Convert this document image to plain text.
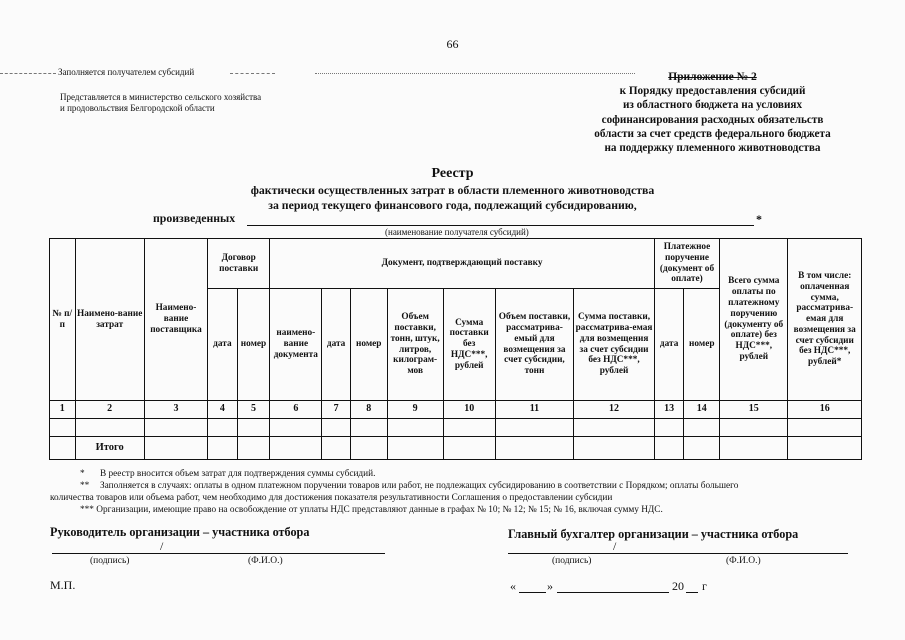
66
Заполняется получателем субсидий
Представляется в министерство сельского хозяйства
и продовольствия Белгородской области
Приложение № 2
к Порядку предоставления субсидий
из областного бюджета на условиях
софинансирования расходных обязательств
области за счет средств федерального бюджета
на поддержку племенного животноводства
Реестр
фактически осуществленных затрат в области племенного животноводства
за период текущего финансового года, подлежащий субсидированию,
произведенных	*
(наименование получателя субсидий)
№ п/п	Наимено-вание затрат	Наимено-вание поставщика	Договор поставки		Документ, подтверждающий поставку							Платежное поручение (документ об оплате)		Всего сумма оплаты по платежному поручению (документу об оплате) без НДС***, рублей	В том числе: оплаченная сумма, рассматрива-емая для возмещения за счет субсидии без НДС***, рублей*
			дата	номер	наимено-вание документа	дата	номер	Объем поставки, тонн, штук, литров, килограм-мов	Сумма поставки без НДС***, рублей	Объем поставки, рассматрива-емый для возмещения за счет субсидии, тонн	Сумма поставки, рассматрива-емая для возмещения за счет субсидии без НДС***, рублей	дата	номер		
1	2	3	4	5	6	7	8	9	10	11	12	13	14	15	16

	Итого														
* В реестр вносится объем затрат для подтверждения суммы субсидий.
** Заполняется в случаях: оплаты в одном платежном поручении товаров или работ, не подлежащих субсидированию в соответствии с Порядком; оплаты большего
количества товаров или объема работ, чем необходимо для достижения показателя результативности Соглашения о предоставлении субсидии
*** Организации, имеющие право на освобождение от уплаты НДС представляют данные в графах № 10; № 12; № 15; № 16, включая сумму НДС.
Руководитель организации – участника отбора
/
(подпись)	(Ф.И.О.)
М.П.
Главный бухгалтер организации – участника отбора
/
(подпись)	(Ф.И.О.)
«	»	20 г
